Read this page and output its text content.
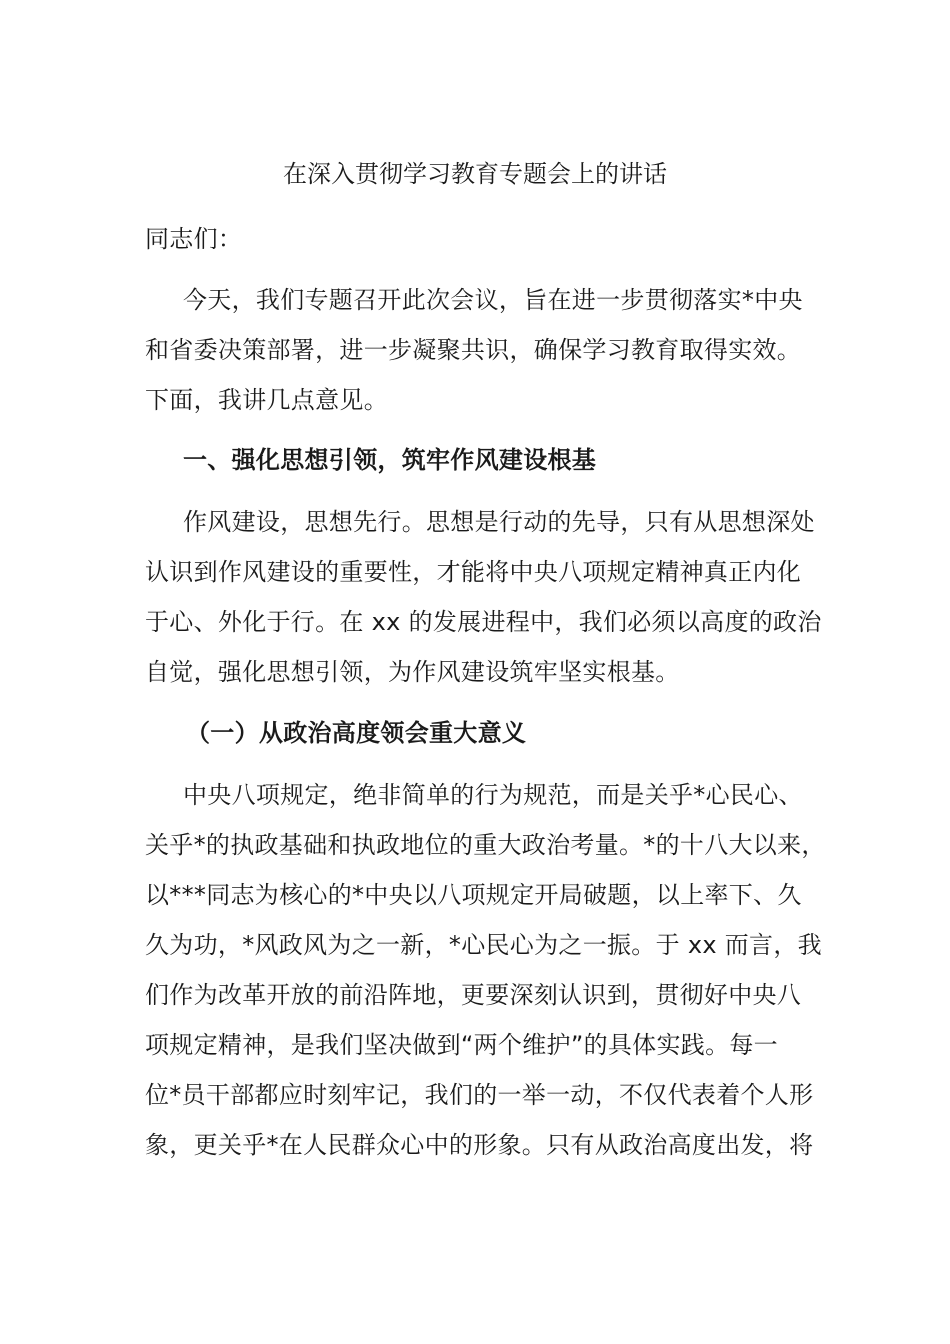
在深入贯彻学习教育专题会上的讲话
同志们：
今天，我们专题召开此次会议，旨在进一步贯彻落实*中央
和省委决策部署，进一步凝聚共识，确保学习教育取得实效。
下面，我讲几点意见。
一、强化思想引领，筑牢作风建设根基
作风建设，思想先行。思想是行动的先导，只有从思想深处
认识到作风建设的重要性，才能将中央八项规定精神真正内化
于心、外化于行。在 xx 的发展进程中，我们必须以高度的政治
自觉，强化思想引领，为作风建设筑牢坚实根基。
（一）从政治高度领会重大意义
中央八项规定，绝非简单的行为规范，而是关乎*心民心、
关乎*的执政基础和执政地位的重大政治考量。*的十八大以来，
以***同志为核心的*中央以八项规定开局破题，以上率下、久
久为功，*风政风为之一新，*心民心为之一振。于 xx 而言，我
们作为改革开放的前沿阵地，更要深刻认识到，贯彻好中央八
项规定精神，是我们坚决做到“两个维护”的具体实践。每一
位*员干部都应时刻牢记，我们的一举一动，不仅代表着个人形
象，更关乎*在人民群众心中的形象。只有从政治高度出发，将
